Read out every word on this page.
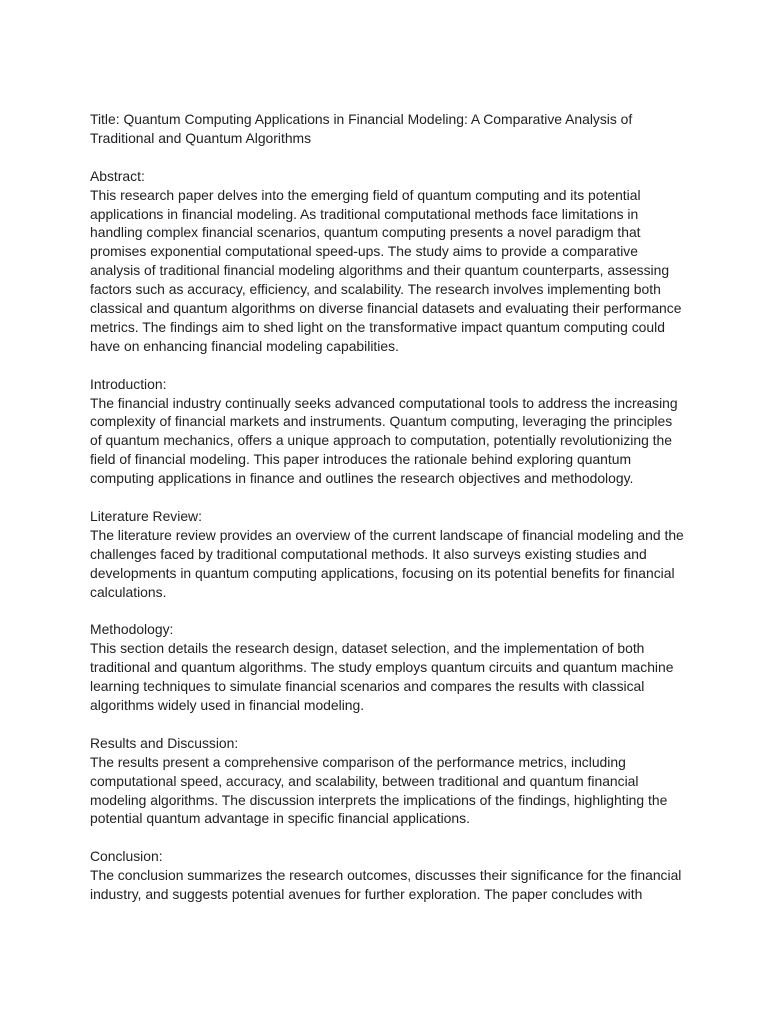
Title: Quantum Computing Applications in Financial Modeling: A Comparative Analysis of Traditional and Quantum Algorithms

Abstract:

This research paper delves into the emerging field of quantum computing and its potential applications in financial modeling. As traditional computational methods face limitations in handling complex financial scenarios, quantum computing presents a novel paradigm that promises exponential computational speed-ups. The study aims to provide a comparative analysis of traditional financial modeling algorithms and their quantum counterparts, assessing factors such as accuracy, efficiency, and scalability. The research involves implementing both classical and quantum algorithms on diverse financial datasets and evaluating their performance metrics. The findings aim to shed light on the transformative impact quantum computing could have on enhancing financial modeling capabilities.

Introduction:

The financial industry continually seeks advanced computational tools to address the increasing complexity of financial markets and instruments. Quantum computing, leveraging the principles of quantum mechanics, offers a unique approach to computation, potentially revolutionizing the field of financial modeling. This paper introduces the rationale behind exploring quantum computing applications in finance and outlines the research objectives and methodology.

Literature Review:

The literature review provides an overview of the current landscape of financial modeling and the challenges faced by traditional computational methods. It also surveys existing studies and developments in quantum computing applications, focusing on its potential benefits for financial calculations.

Methodology:

This section details the research design, dataset selection, and the implementation of both traditional and quantum algorithms. The study employs quantum circuits and quantum machine learning techniques to simulate financial scenarios and compares the results with classical algorithms widely used in financial modeling.

Results and Discussion:

The results present a comprehensive comparison of the performance metrics, including computational speed, accuracy, and scalability, between traditional and quantum financial modeling algorithms. The discussion interprets the implications of the findings, highlighting the potential quantum advantage in specific financial applications.

Conclusion:

The conclusion summarizes the research outcomes, discusses their significance for the financial industry, and suggests potential avenues for further exploration. The paper concludes with
